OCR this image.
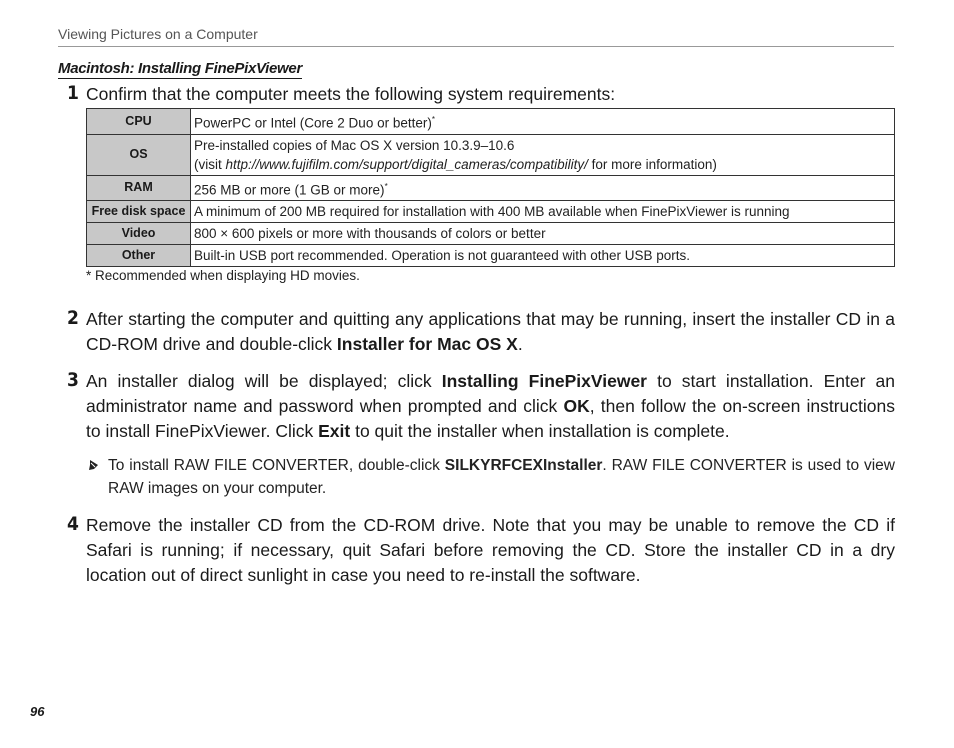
Viewing Pictures on a Computer
Macintosh: Installing FinePixViewer
1 Confirm that the computer meets the following system requirements:
CPU	PowerPC or Intel (Core 2 Duo or better)*
OS	Pre-installed copies of Mac OS X version 10.3.9–10.6
(visit http://www.fujifilm.com/support/digital_cameras/compatibility/ for more information)
RAM	256 MB or more (1 GB or more)*
Free disk space	A minimum of 200 MB required for installation with 400 MB available when FinePixViewer is running
Video	800 × 600 pixels or more with thousands of colors or better
Other	Built-in USB port recommended. Operation is not guaranteed with other USB ports.
* Recommended when displaying HD movies.
2 After starting the computer and quitting any applications that may be running, insert the installer CD in a CD-ROM drive and double-click Installer for Mac OS X.
3 An installer dialog will be displayed; click Installing FinePixViewer to start installation. Enter an administrator name and password when prompted and click OK, then follow the on-screen instructions to install FinePixViewer. Click Exit to quit the installer when installation is complete.
To install RAW FILE CONVERTER, double-click SILKYRFCEXInstaller. RAW FILE CONVERTER is used to view RAW images on your computer.
4 Remove the installer CD from the CD-ROM drive. Note that you may be unable to remove the CD if Safari is running; if necessary, quit Safari before removing the CD. Store the installer CD in a dry location out of direct sunlight in case you need to re-install the software.
96
